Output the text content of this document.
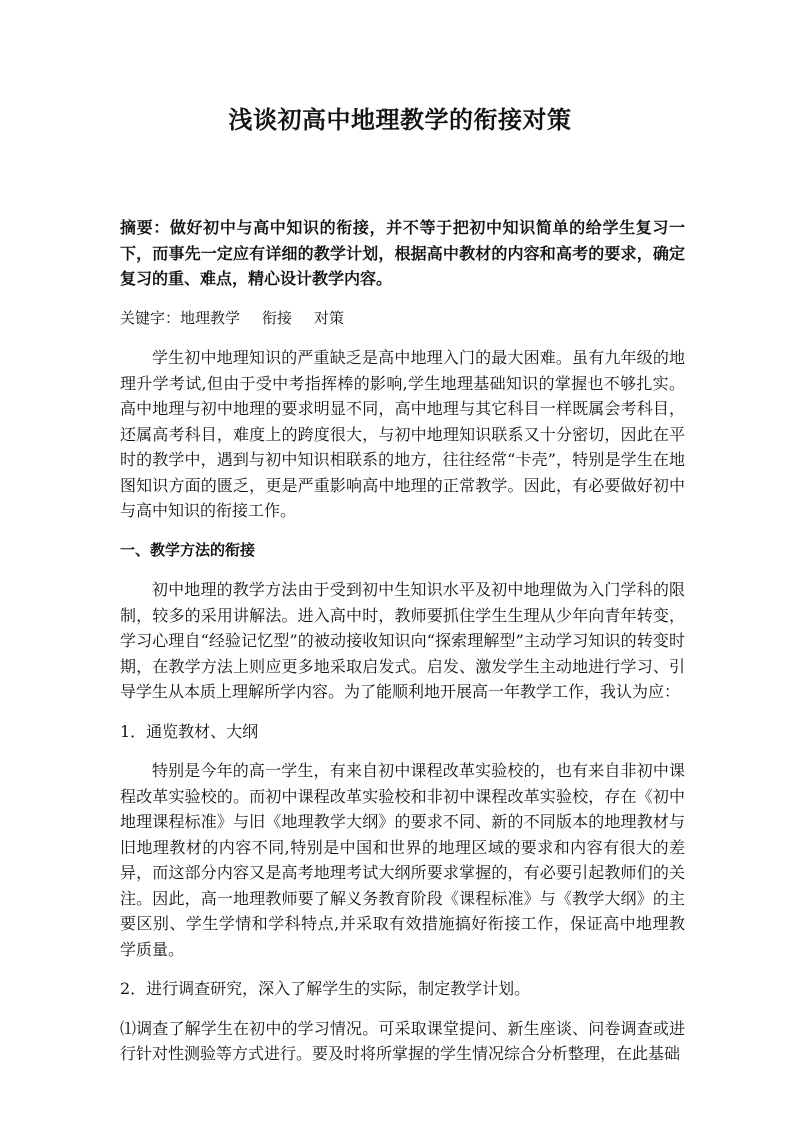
浅谈初高中地理教学的衔接对策

摘要：做好初中与高中知识的衔接，并不等于把初中知识简单的给学生复习一下，而事先一定应有详细的教学计划，根据高中教材的内容和高考的要求，确定复习的重、难点，精心设计教学内容。

关键字：地理教学 衔接 对策

学生初中地理知识的严重缺乏是高中地理入门的最大困难。虽有九年级的地理升学考试,但由于受中考指挥棒的影响,学生地理基础知识的掌握也不够扎实。高中地理与初中地理的要求明显不同，高中地理与其它科目一样既属会考科目，还属高考科目，难度上的跨度很大，与初中地理知识联系又十分密切，因此在平时的教学中，遇到与初中知识相联系的地方，往往经常“卡壳”，特别是学生在地图知识方面的匮乏，更是严重影响高中地理的正常教学。因此，有必要做好初中与高中知识的衔接工作。

一、教学方法的衔接

初中地理的教学方法由于受到初中生知识水平及初中地理做为入门学科的限制，较多的采用讲解法。进入高中时，教师要抓住学生生理从少年向青年转变，学习心理自“经验记忆型”的被动接收知识向“探索理解型”主动学习知识的转变时期，在教学方法上则应更多地采取启发式。启发、激发学生主动地进行学习、引导学生从本质上理解所学内容。为了能顺利地开展高一年教学工作，我认为应：

1．通览教材、大纲

特别是今年的高一学生，有来自初中课程改革实验校的，也有来自非初中课程改革实验校的。而初中课程改革实验校和非初中课程改革实验校，存在《初中地理课程标准》与旧《地理教学大纲》的要求不同、新的不同版本的地理教材与旧地理教材的内容不同,特别是中国和世界的地理区域的要求和内容有很大的差异，而这部分内容又是高考地理考试大纲所要求掌握的，有必要引起教师们的关注。因此，高一地理教师要了解义务教育阶段《课程标准》与《教学大纲》的主要区别、学生学情和学科特点,并采取有效措施搞好衔接工作，保证高中地理教学质量。

2．进行调查研究，深入了解学生的实际，制定教学计划。

⑴调查了解学生在初中的学习情况。可采取课堂提问、新生座谈、问卷调查或进行针对性测验等方式进行。要及时将所掌握的学生情况综合分析整理，在此基础
